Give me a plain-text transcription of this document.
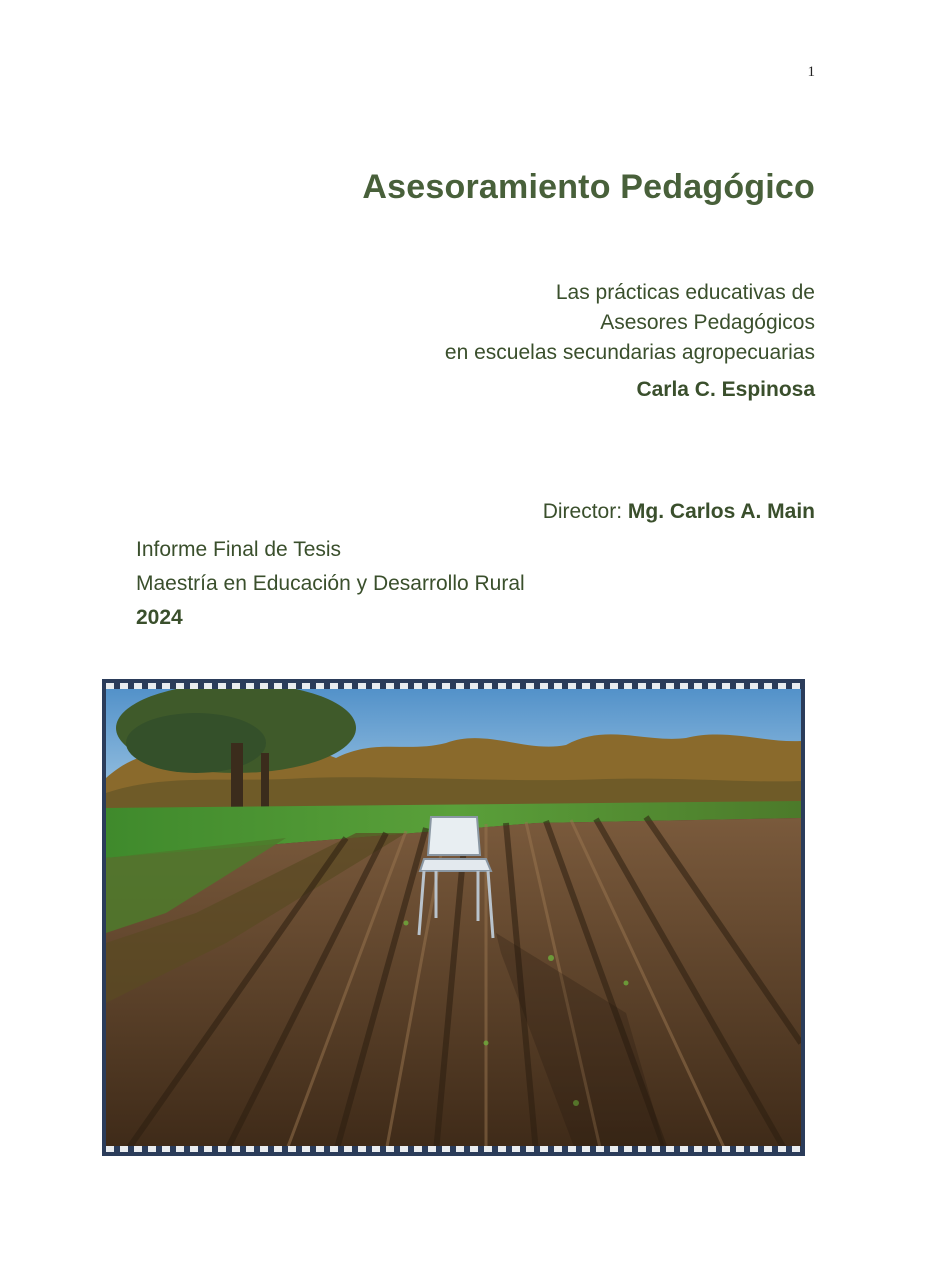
1
Asesoramiento Pedagógico
Las prácticas educativas de
Asesores Pedagógicos
en escuelas secundarias agropecuarias
Carla C. Espinosa
Director: Mg. Carlos A. Main
Informe Final de Tesis
Maestría en Educación y Desarrollo Rural
2024
